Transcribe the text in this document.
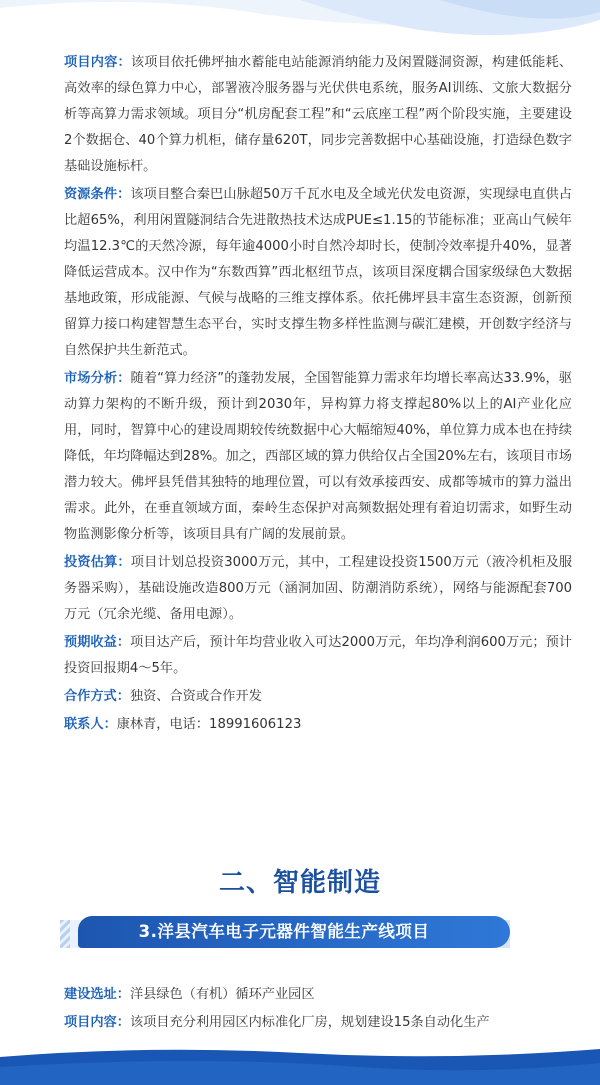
项目内容：该项目依托佛坪抽水蓄能电站能源消纳能力及闲置隧洞资源，构建低能耗、高效率的绿色算力中心，部署液冷服务器与光伏供电系统，服务AI训练、文旅大数据分析等高算力需求领域。项目分“机房配套工程”和“云底座工程”两个阶段实施，主要建设2个数据仓、40个算力机柜，储存量620T，同步完善数据中心基础设施，打造绿色数字基础设施标杆。

资源条件：该项目整合秦巴山脉超50万千瓦水电及全域光伏发电资源，实现绿电直供占比超65%，利用闲置隧洞结合先进散热技术达成PUE≤1.15的节能标准；亚高山气候年均温12.3℃的天然冷源，每年逾4000小时自然冷却时长，使制冷效率提升40%，显著降低运营成本。汉中作为“东数西算”西北枢纽节点，该项目深度耦合国家级绿色大数据基地政策，形成能源、气候与战略的三维支撑体系。依托佛坪县丰富生态资源，创新预留算力接口构建智慧生态平台，实时支撑生物多样性监测与碳汇建模，开创数字经济与自然保护共生新范式。

市场分析：随着“算力经济”的蓬勃发展，全国智能算力需求年均增长率高达33.9%，驱动算力架构的不断升级，预计到2030年，异构算力将支撑起80%以上的AI产业化应用，同时，智算中心的建设周期较传统数据中心大幅缩短40%，单位算力成本也在持续降低，年均降幅达到28%。加之，西部区域的算力供给仅占全国20%左右，该项目市场潜力较大。佛坪县凭借其独特的地理位置，可以有效承接西安、成都等城市的算力溢出需求。此外，在垂直领域方面，秦岭生态保护对高频数据处理有着迫切需求，如野生动物监测影像分析等，该项目具有广阔的发展前景。

投资估算：项目计划总投资3000万元，其中，工程建设投资1500万元（液冷机柜及服务器采购），基础设施改造800万元（涵洞加固、防潮消防系统），网络与能源配套700万元（冗余光缆、备用电源）。

预期收益：项目达产后，预计年均营业收入可达2000万元，年均净利润600万元；预计投资回报期4～5年。

合作方式：独资、合资或合作开发

联系人：康林青，电话：18991606123

二、智能制造
3.洋县汽车电子元器件智能生产线项目

建设选址：洋县绿色（有机）循环产业园区

项目内容：该项目充分利用园区内标准化厂房，规划建设15条自动化生产
